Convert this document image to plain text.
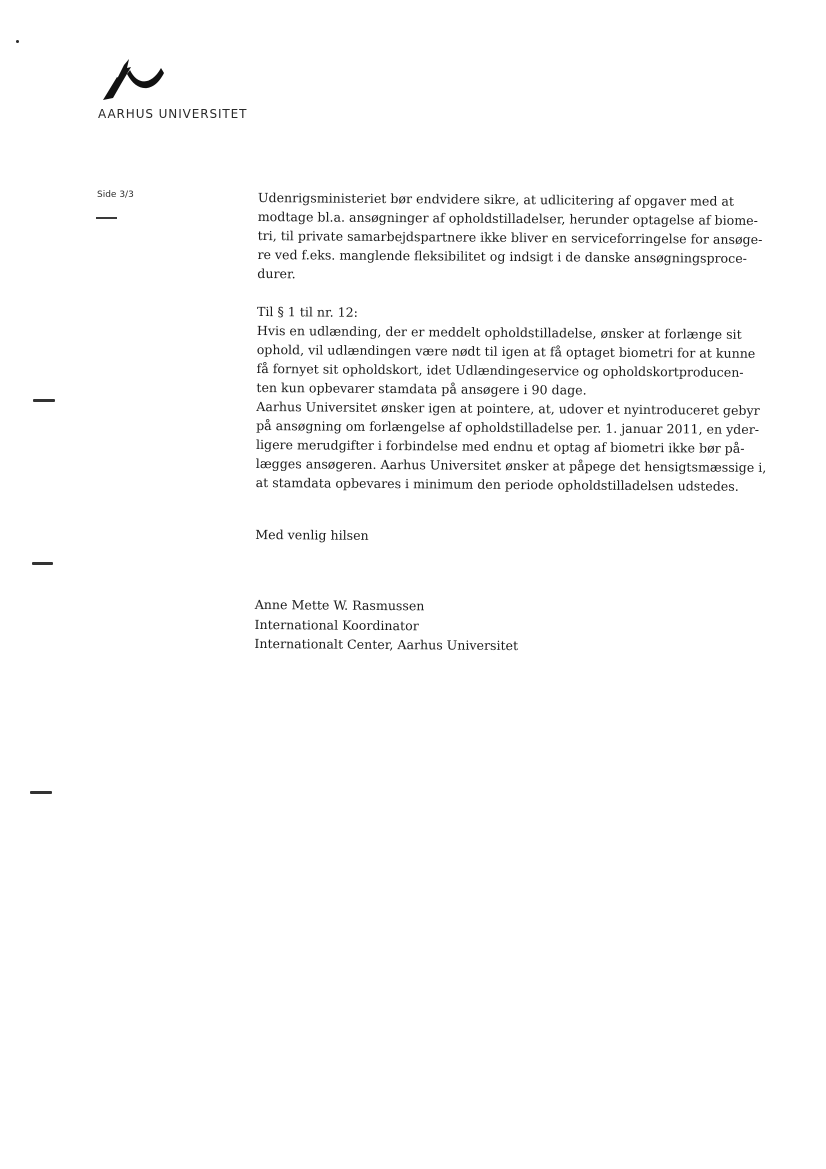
AARHUS UNIVERSITET
Side 3/3	Udenrigsministeriet bør endvidere sikre, at udlicitering af opgaver med at
modtage bl.a. ansøgninger af opholdstilladelser, herunder optagelse af biome-
tri, til private samarbejdspartnere ikke bliver en serviceforringelse for ansøge-
re ved f.eks. manglende fleksibilitet og indsigt i de danske ansøgningsproce-
durer.
Til § 1 til nr. 12:
Hvis en udlænding, der er meddelt opholdstilladelse, ønsker at forlænge sit
ophold, vil udlændingen være nødt til igen at få optaget biometri for at kunne
få fornyet sit opholdskort, idet Udlændingeservice og opholdskortproducen-
ten kun opbevarer stamdata på ansøgere i 90 dage.
Aarhus Universitet ønsker igen at pointere, at, udover et nyintroduceret gebyr
på ansøgning om forlængelse af opholdstilladelse per. 1. januar 2011, en yder-
ligere merudgifter i forbindelse med endnu et optag af biometri ikke bør på-
lægges ansøgeren. Aarhus Universitet ønsker at påpege det hensigtsmæssige i,
at stamdata opbevares i minimum den periode opholdstilladelsen udstedes.
Med venlig hilsen
Anne Mette W. Rasmussen
International Koordinator
Internationalt Center, Aarhus Universitet
